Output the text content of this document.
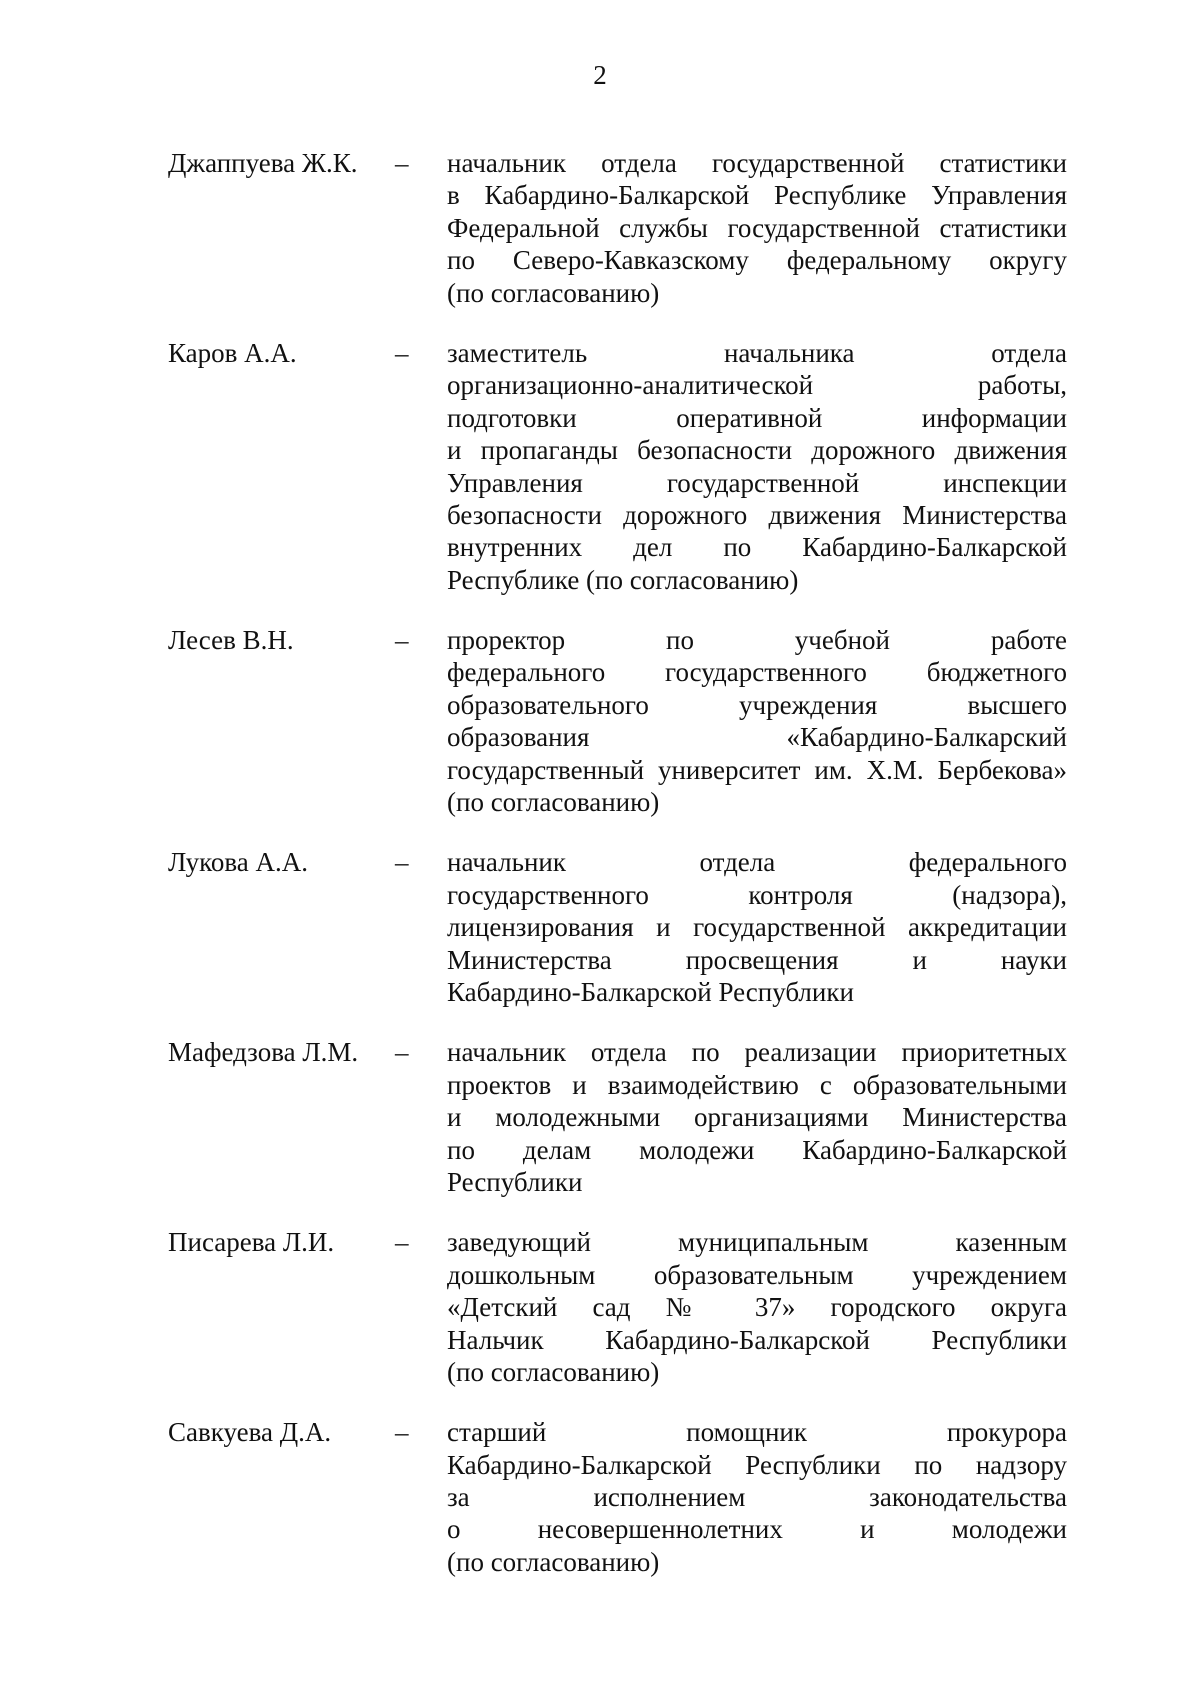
2
Джаппуева Ж.К.	–	начальник отдела государственной статистики
в Кабардино-Балкарской Республике Управления
Федеральной службы государственной статистики
по Северо-Кавказскому федеральному округу
(по согласованию)
Каров А.А.	–	заместитель начальника отдела
организационно-аналитической работы,
подготовки оперативной информации
и пропаганды безопасности дорожного движения
Управления государственной инспекции
безопасности дорожного движения Министерства
внутренних дел по Кабардино-Балкарской
Республике (по согласованию)
Лесев В.Н.	–	проректор по учебной работе
федерального государственного бюджетного
образовательного учреждения высшего
образования «Кабардино-Балкарский
государственный университет им. Х.М. Бербекова»
(по согласованию)
Лукова А.А.	–	начальник отдела федерального
государственного контроля (надзора),
лицензирования и государственной аккредитации
Министерства просвещения и науки
Кабардино-Балкарской Республики
Мафедзова Л.М.	–	начальник отдела по реализации приоритетных
проектов и взаимодействию с образовательными
и молодежными организациями Министерства
по делам молодежи Кабардино-Балкарской
Республики
Писарева Л.И.	–	заведующий муниципальным казенным
дошкольным образовательным учреждением
«Детский сад № 37» городского округа
Нальчик Кабардино-Балкарской Республики
(по согласованию)
Савкуева Д.А.	–	старший помощник прокурора
Кабардино-Балкарской Республики по надзору
за исполнением законодательства
о несовершеннолетних и молодежи
(по согласованию)
